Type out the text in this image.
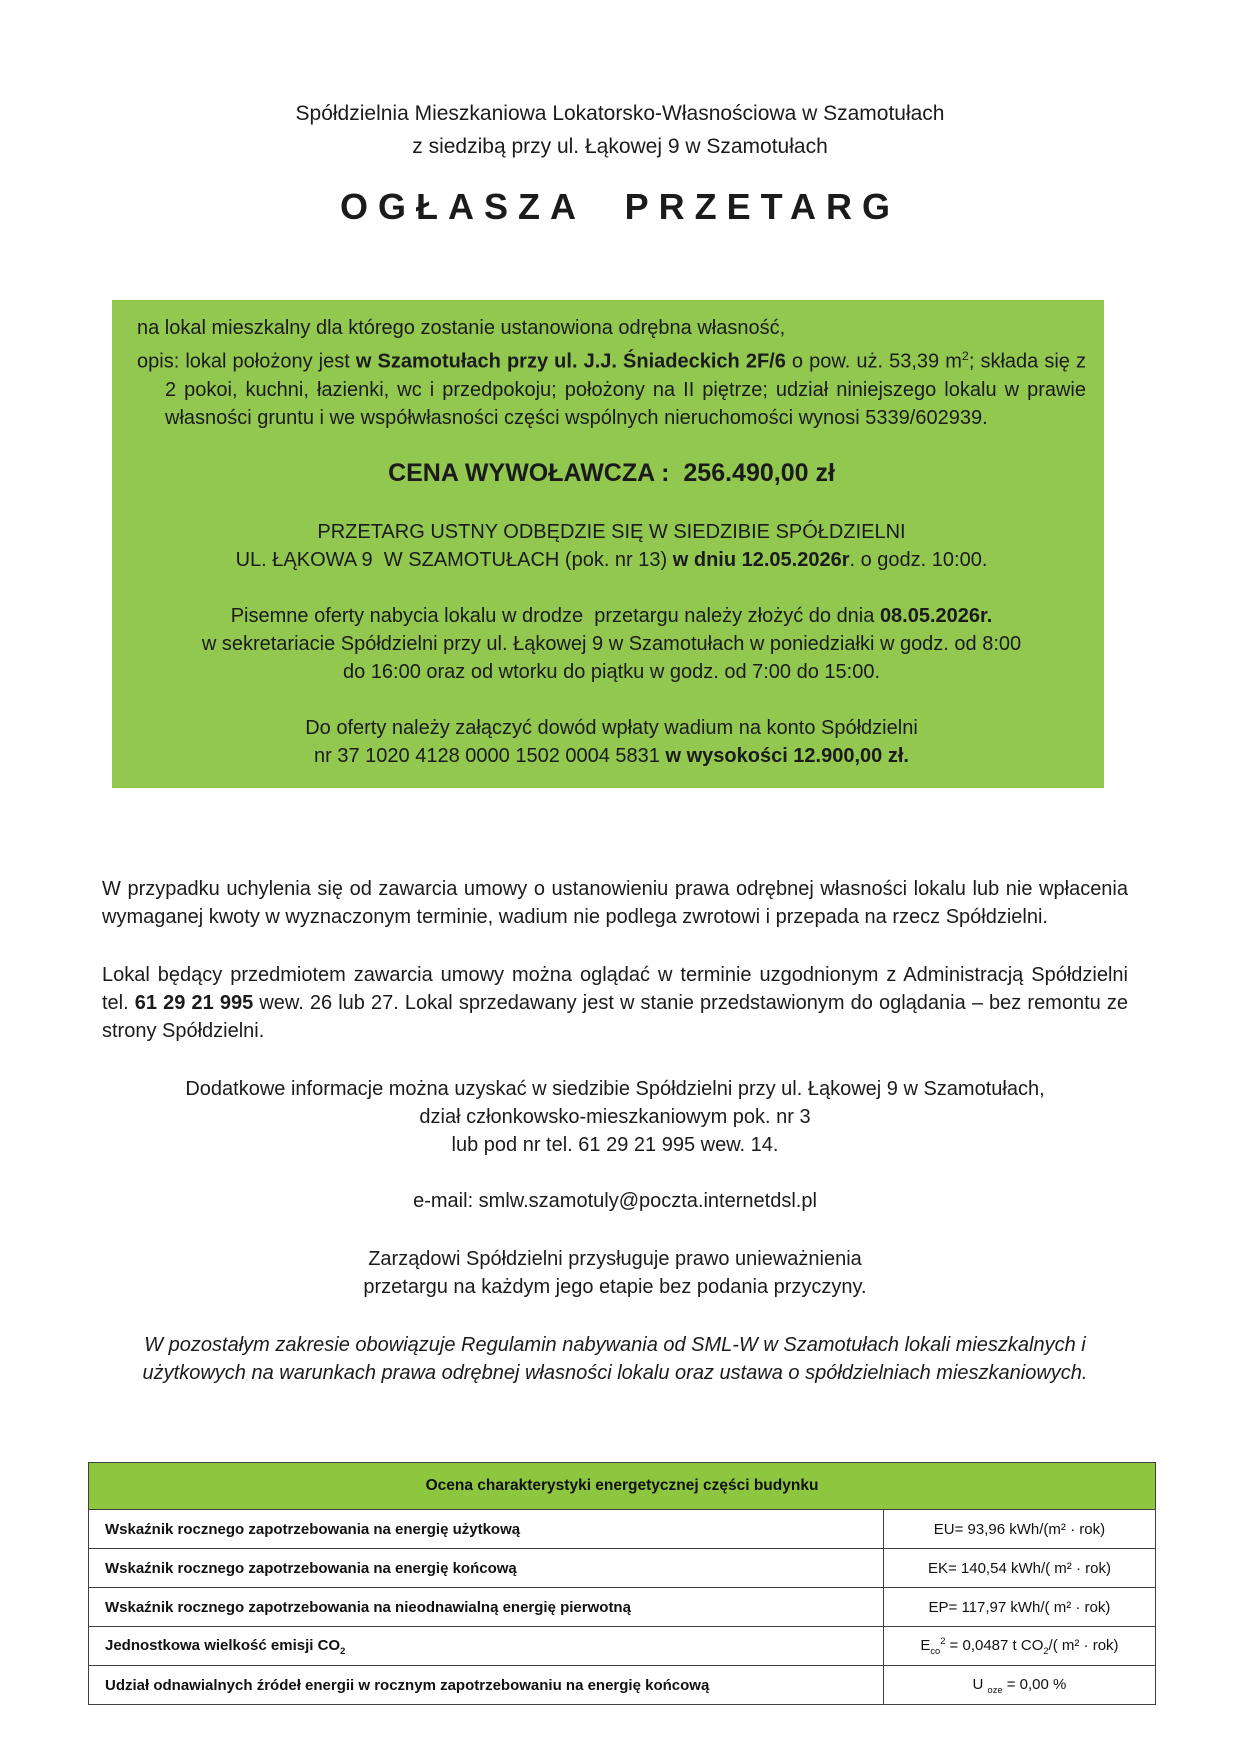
Spółdzielnia Mieszkaniowa Lokatorsko-Własnościowa w Szamotułach
z siedzibą przy ul. Łąkowej 9 w Szamotułach
OGŁASZA PRZETARG

na lokal mieszkalny dla którego zostanie ustanowiona odrębna własność,

opis: lokal położony jest w Szamotułach przy ul. J.J. Śniadeckich 2F/6 o pow. uż. 53,39 $m^2$; składa się z 2 pokoi, kuchni, łazienki, wc i przedpokoju; położony na II piętrze; udział niniejszego lokalu w prawie własności gruntu i we współwłasności części wspólnych nieruchomości wynosi 5339/602939.

CENA WYWOŁAWCZA :  256.490,00 zł

PRZETARG USTNY ODBĘDZIE SIĘ W SIEDZIBIE SPÓŁDZIELNI
UL. ŁĄKOWA 9  W SZAMOTUŁACH (pok. nr 13) w dniu 12.05.2026r. o godz. 10:00.

Pisemne oferty nabycia lokalu w drodze  przetargu należy złożyć do dnia 08.05.2026r.
w sekretariacie Spółdzielni przy ul. Łąkowej 9 w Szamotułach w poniedziałki w godz. od 8:00
do 16:00 oraz od wtorku do piątku w godz. od 7:00 do 15:00.

Do oferty należy załączyć dowód wpłaty wadium na konto Spółdzielni
nr 37 1020 4128 0000 1502 0004 5831 w wysokości 12.900,00 zł.

W przypadku uchylenia się od zawarcia umowy o ustanowieniu prawa odrębnej własności lokalu lub nie wpłacenia wymaganej kwoty w wyznaczonym terminie, wadium nie podlega zwrotowi i przepada na rzecz Spółdzielni.

Lokal będący przedmiotem zawarcia umowy można oglądać w terminie uzgodnionym z Administracją Spółdzielni tel. 61 29 21 995 wew. 26 lub 27. Lokal sprzedawany jest w stanie przedstawionym do oglądania – bez remontu ze strony Spółdzielni.

Dodatkowe informacje można uzyskać w siedzibie Spółdzielni przy ul. Łąkowej 9 w Szamotułach,
dział członkowsko-mieszkaniowym pok. nr 3
lub pod nr tel. 61 29 21 995 wew. 14.

e-mail: smlw.szamotuly@poczta.internetdsl.pl

Zarządowi Spółdzielni przysługuje prawo unieważnienia
przetargu na każdym jego etapie bez podania przyczyny.

W pozostałym zakresie obowiązuje Regulamin nabywania od SML-W w Szamotułach lokali mieszkalnych i użytkowych na warunkach prawa odrębnej własności lokalu oraz ustawa o spółdzielniach mieszkaniowych.

Ocena charakterystyki energetycznej części budynku	
Wskaźnik rocznego zapotrzebowania na energię użytkową	EU= 93,96 kWh/(m² · rok)
Wskaźnik rocznego zapotrzebowania na energię końcową	EK= 140,54 kWh/( m² · rok)
Wskaźnik rocznego zapotrzebowania na nieodnawialną energię pierwotną	EP= 117,97 kWh/( m² · rok)
Jednostkowa wielkość emisji $CO_2$	$E_{co}^2 = 0,0487$ t $CO_2/$( m² · rok)
Udział odnawialnych źródeł energii w rocznym zapotrzebowaniu na energię końcową	U $_{oze}$ = 0,00 %
